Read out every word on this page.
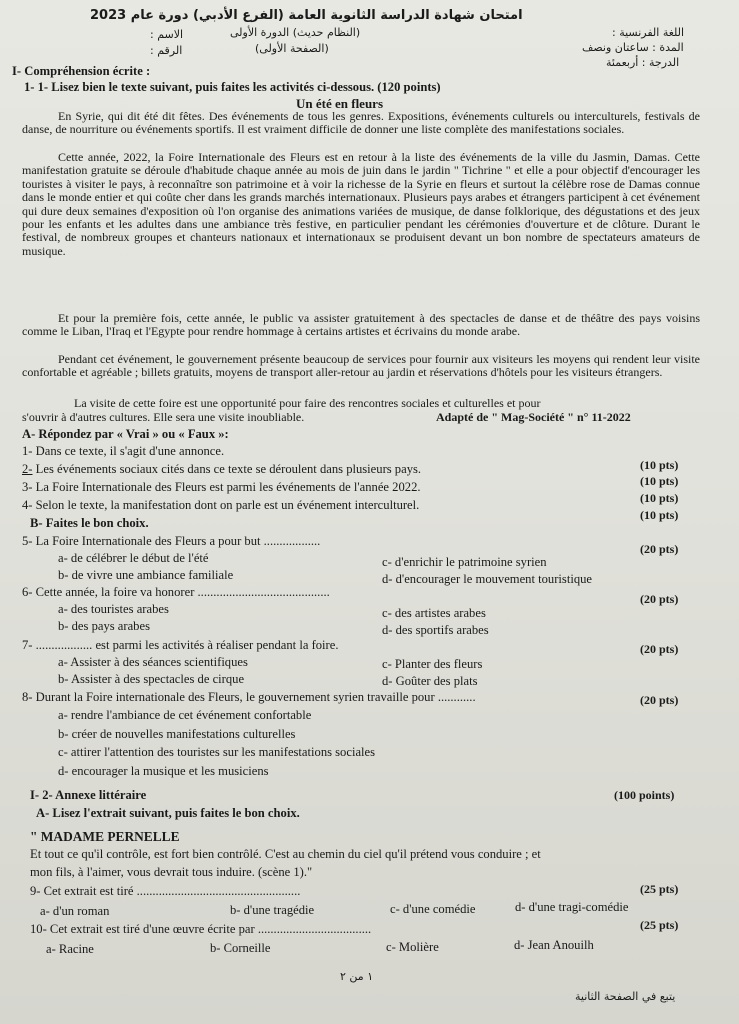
امتحان شهادة الدراسة الثانوية العامة (الفرع الأدبي) دورة عام 2023
(النظام حديث) الدورة الأولى
(الصفحة الأولى)
الاسم :
الرقم :
اللغة الفرنسية :
المدة : ساعتان ونصف
الدرجة : أربعمئة
I- Compréhension écrite :
1- 1- Lisez bien le texte suivant, puis faites les activités ci-dessous. (120 points)
Un été en fleurs

En Syrie, qui dit été dit fêtes. Des événements de tous les genres. Expositions, événements culturels ou interculturels, festivals de danse, de nourriture ou événements sportifs. Il est vraiment difficile de donner une liste complète des manifestations sociales.

Cette année, 2022, la Foire Internationale des Fleurs est en retour à la liste des événements de la ville du Jasmin, Damas. Cette manifestation gratuite se déroule d'habitude chaque année au mois de juin dans le jardin " Tichrine " et elle a pour objectif d'encourager les touristes à visiter le pays, à reconnaître son patrimoine et à voir la richesse de la Syrie en fleurs et surtout la célèbre rose de Damas connue dans le monde entier et qui coûte cher dans les grands marchés internationaux. Plusieurs pays arabes et étrangers participent à cet événement qui dure deux semaines d'exposition où l'on organise des animations variées de musique, de danse folklorique, des dégustations et des jeux pour les enfants et les adultes dans une ambiance très festive, en particulier pendant les cérémonies d'ouverture et de clôture. Durant le festival, de nombreux groupes et chanteurs nationaux et internationaux se produisent devant un bon nombre de spectateurs amateurs de musique.

Et pour la première fois, cette année, le public va assister gratuitement à des spectacles de danse et de théâtre des pays voisins comme le Liban, l'Iraq et l'Egypte pour rendre hommage à certains artistes et écrivains du monde arabe.

Pendant cet événement, le gouvernement présente beaucoup de services pour fournir aux visiteurs les moyens qui rendent leur visite confortable et agréable ; billets gratuits, moyens de transport aller-retour au jardin et réservations d'hôtels pour les visiteurs étrangers.

La visite de cette foire est une opportunité pour faire des rencontres sociales et culturelles et pour
s'ouvrir à d'autres cultures. Elle sera une visite inoubliable.	Adapté de " Mag-Société " n° 11-2022
A- Répondez par « Vrai » ou « Faux »:
1- Dans ce texte, il s'agit d'une annonce.
(10 pts)
2- Les événements sociaux cités dans ce texte se déroulent dans plusieurs pays.
(10 pts)
3- La Foire Internationale des Fleurs est parmi les événements de l'année 2022.
(10 pts)
4- Selon le texte, la manifestation dont on parle est un événement interculturel.
(10 pts)
B- Faites le bon choix.
5- La Foire Internationale des Fleurs a pour but ..................
(20 pts)
a- de célébrer le début de l'été	c- d'enrichir le patrimoine syrien
b- de vivre une ambiance familiale	d- d'encourager le mouvement touristique
6- Cette année, la foire va honorer ..........................................	(20 pts)
a- des touristes arabes	c- des artistes arabes
b- des pays arabes	d- des sportifs arabes
7- .................. est parmi les activités à réaliser pendant la foire.	(20 pts)
a- Assister à des séances scientifiques	c- Planter des fleurs
b- Assister à des spectacles de cirque	d- Goûter des plats
8- Durant la Foire internationale des Fleurs, le gouvernement syrien travaille pour ............	(20 pts)
a- rendre l'ambiance de cet événement confortable
b- créer de nouvelles manifestations culturelles
c- attirer l'attention des touristes sur les manifestations sociales
d- encourager la musique et les musiciens
I- 2- Annexe littéraire	(100 points)
A- Lisez l'extrait suivant, puis faites le bon choix.
" MADAME PERNELLE
Et tout ce qu'il contrôle, est fort bien contrôlé. C'est au chemin du ciel qu'il prétend vous conduire ; et
mon fils, à l'aimer, vous devrait tous induire. (scène 1)."
9- Cet extrait est tiré ....................................................	(25 pts)
a- d'un roman	b- d'une tragédie	c- d'une comédie	d- d'une tragi-comédie
10- Cet extrait est tiré d'une œuvre écrite par ....................................	(25 pts)
a- Racine	b- Corneille	c- Molière	d- Jean Anouilh
١ من ٢
يتبع في الصفحة الثانية
